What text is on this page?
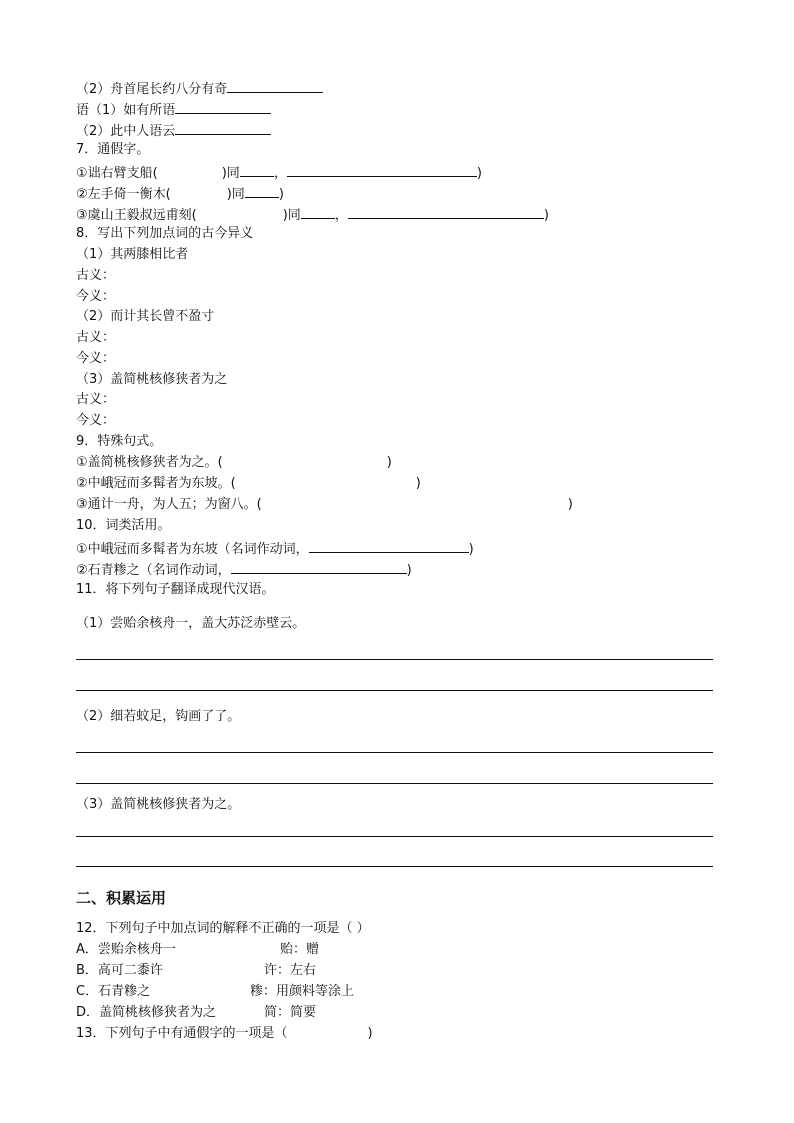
（2）舟首尾长约八分有奇
语（1）如有所语
（2）此中人语云
7．通假字。
①诎右臂支船(	)同	，	)
②左手倚一衡木(	)同	)
③虞山王毅叔远甫刻(	)同	，	)
8．写出下列加点词的古今异义
（1）其两膝相比者
古义：
今义：
（2）而计其长曾不盈寸
古义：
今义：
（3）盖简桃核修狭者为之
古义：
今义：
9．特殊句式。
①盖简桃核修狭者为之。(	)
②中峨冠而多髯者为东坡。(	)
③通计一舟，为人五；为窗八。(	)
10．词类活用。
①中峨冠而多髯者为东坡（名词作动词，	)
②石青糁之（名词作动词，	)
11．将下列句子翻译成现代汉语。
（1）尝贻余核舟一，盖大苏泛赤壁云。
（2）细若蚊足，钩画了了。
（3）盖简桃核修狭者为之。
二、积累运用
12．下列句子中加点词的解释不正确的一项是（ ）
A．尝贻余核舟一	贻：赠
B．高可二黍许	许：左右
C．石青糁之	糁：用颜料等涂上
D．盖简桃核修狭者为之	简：简要
13．下列句子中有通假字的一项是（	)
